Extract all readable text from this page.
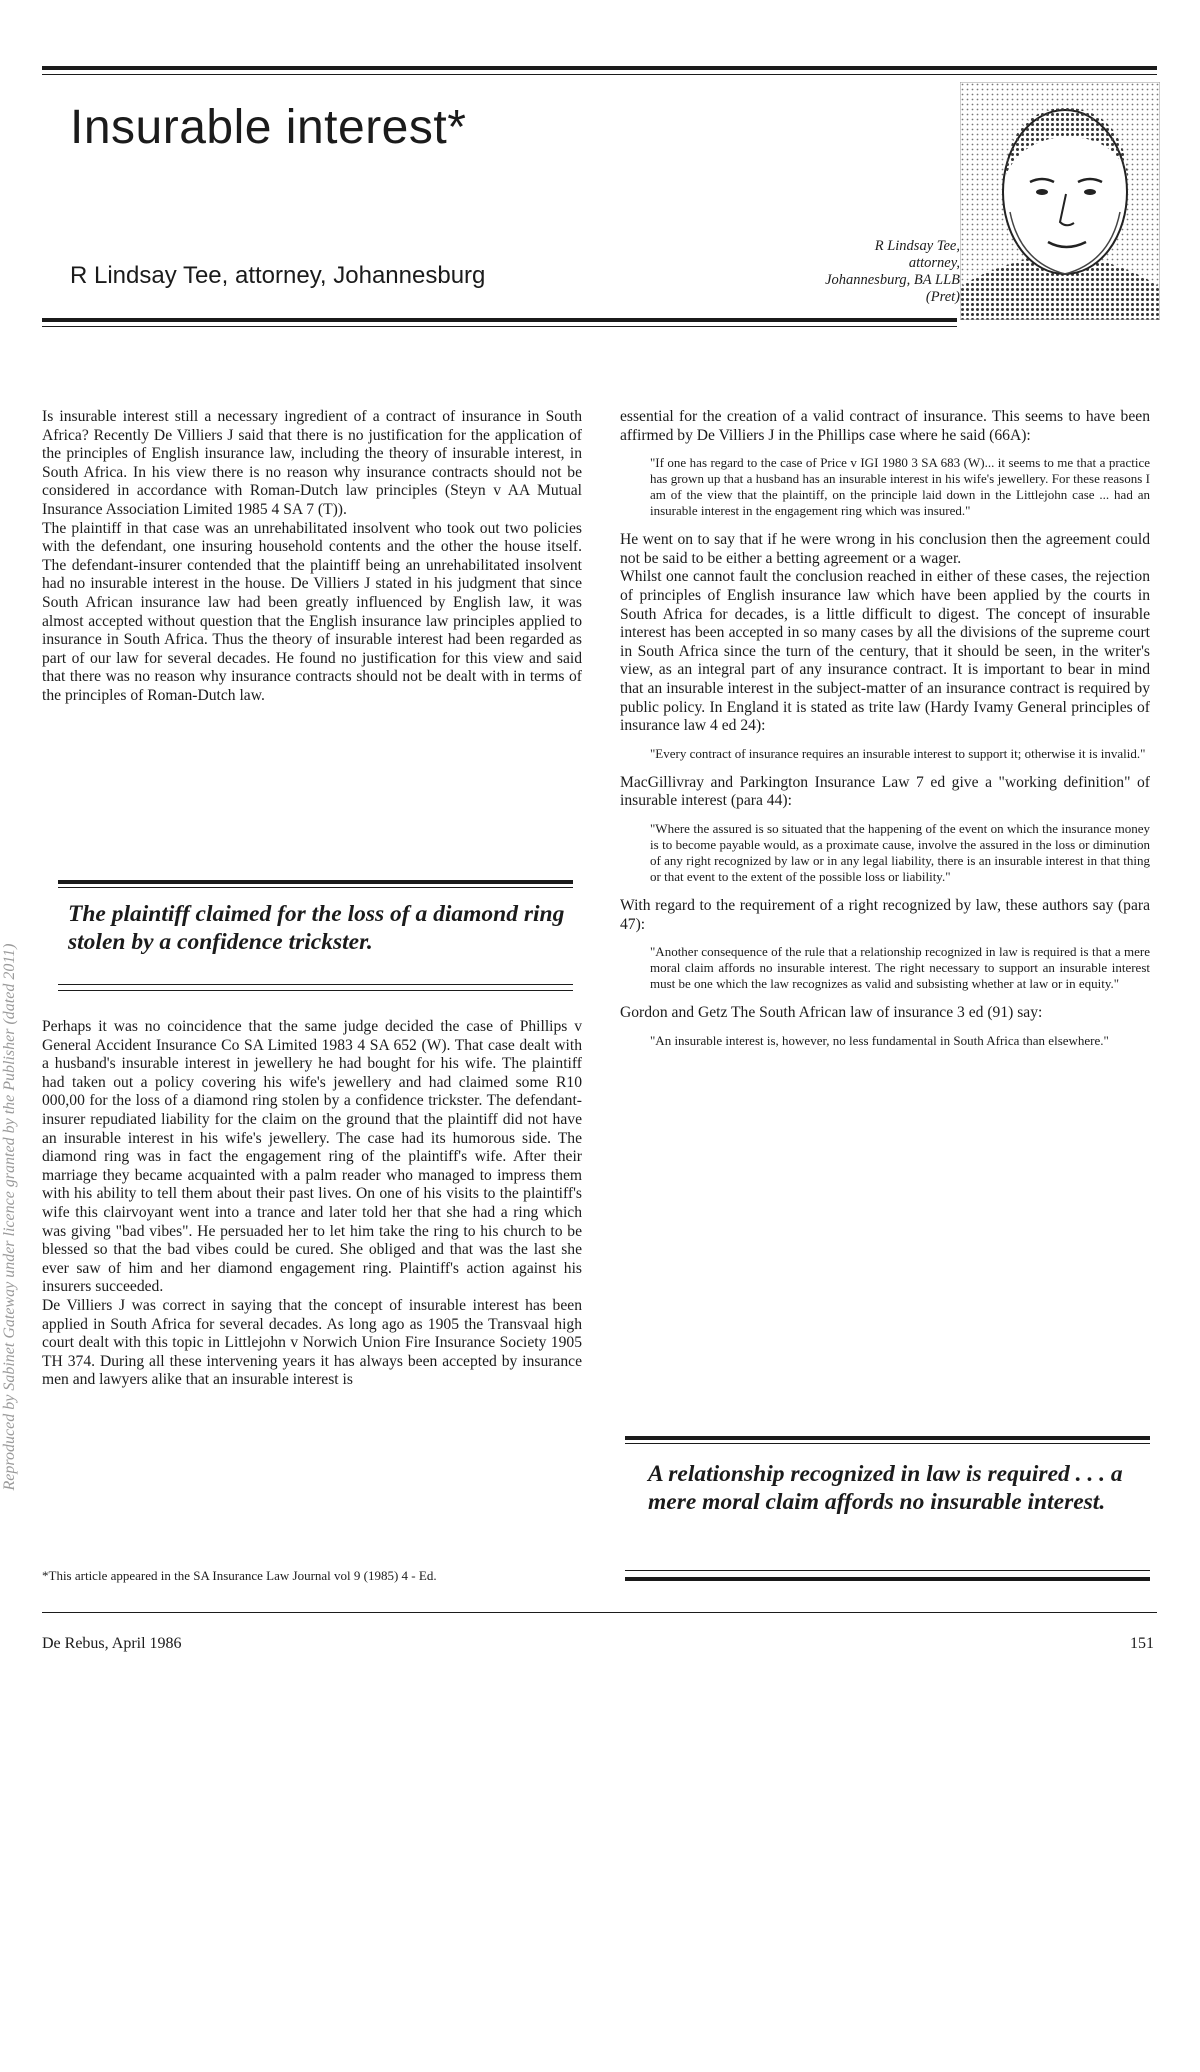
Insurable interest*
R Lindsay Tee, attorney, Johannesburg
R Lindsay Tee,
attorney,
Johannesburg, BA LLB
(Pret)

Is insurable interest still a necessary ingredient of a contract of insurance in South Africa? Recently De Villiers J said that there is no justification for the application of the principles of English insurance law, including the theory of insurable interest, in South Africa. In his view there is no reason why insurance contracts should not be considered in accordance with Roman-Dutch law principles (Steyn v AA Mutual Insurance Association Limited 1985 4 SA 7 (T)).

The plaintiff in that case was an unrehabilitated insolvent who took out two policies with the defendant, one insuring household contents and the other the house itself. The defendant-insurer contended that the plaintiff being an unrehabilitated insolvent had no insurable interest in the house. De Villiers J stated in his judgment that since South African insurance law had been greatly influenced by English law, it was almost accepted without question that the English insurance law principles applied to insurance in South Africa. Thus the theory of insurable interest had been regarded as part of our law for several decades. He found no justification for this view and said that there was no reason why insurance contracts should not be dealt with in terms of the principles of Roman-Dutch law.

The plaintiff claimed for the loss of a diamond ring stolen by a confidence trickster.

Perhaps it was no coincidence that the same judge decided the case of Phillips v General Accident Insurance Co SA Limited 1983 4 SA 652 (W). That case dealt with a husband's insurable interest in jewellery he had bought for his wife. The plaintiff had taken out a policy covering his wife's jewellery and had claimed some R10 000,00 for the loss of a diamond ring stolen by a confidence trickster. The defendant-insurer repudiated liability for the claim on the ground that the plaintiff did not have an insurable interest in his wife's jewellery. The case had its humorous side. The diamond ring was in fact the engagement ring of the plaintiff's wife. After their marriage they became acquainted with a palm reader who managed to impress them with his ability to tell them about their past lives. On one of his visits to the plaintiff's wife this clairvoyant went into a trance and later told her that she had a ring which was giving "bad vibes". He persuaded her to let him take the ring to his church to be blessed so that the bad vibes could be cured. She obliged and that was the last she ever saw of him and her diamond engagement ring. Plaintiff's action against his insurers succeeded.

De Villiers J was correct in saying that the concept of insurable interest has been applied in South Africa for several decades. As long ago as 1905 the Transvaal high court dealt with this topic in Littlejohn v Norwich Union Fire Insurance Society 1905 TH 374. During all these intervening years it has always been accepted by insurance men and lawyers alike that an insurable interest is

*This article appeared in the SA Insurance Law Journal vol 9 (1985) 4 - Ed.

essential for the creation of a valid contract of insurance. This seems to have been affirmed by De Villiers J in the Phillips case where he said (66A):

"If one has regard to the case of Price v IGI 1980 3 SA 683 (W)... it seems to me that a practice has grown up that a husband has an insurable interest in his wife's jewellery. For these reasons I am of the view that the plaintiff, on the principle laid down in the Littlejohn case ... had an insurable interest in the engagement ring which was insured."

He went on to say that if he were wrong in his conclusion then the agreement could not be said to be either a betting agreement or a wager.

Whilst one cannot fault the conclusion reached in either of these cases, the rejection of principles of English insurance law which have been applied by the courts in South Africa for decades, is a little difficult to digest. The concept of insurable interest has been accepted in so many cases by all the divisions of the supreme court in South Africa since the turn of the century, that it should be seen, in the writer's view, as an integral part of any insurance contract. It is important to bear in mind that an insurable interest in the subject-matter of an insurance contract is required by public policy. In England it is stated as trite law (Hardy Ivamy General principles of insurance law 4 ed 24):

"Every contract of insurance requires an insurable interest to support it; otherwise it is invalid."

MacGillivray and Parkington Insurance Law 7 ed give a "working definition" of insurable interest (para 44):

"Where the assured is so situated that the happening of the event on which the insurance money is to become payable would, as a proximate cause, involve the assured in the loss or diminution of any right recognized by law or in any legal liability, there is an insurable interest in that thing or that event to the extent of the possible loss or liability."

With regard to the requirement of a right recognized by law, these authors say (para 47):

"Another consequence of the rule that a relationship recognized in law is required is that a mere moral claim affords no insurable interest. The right necessary to support an insurable interest must be one which the law recognizes as valid and subsisting whether at law or in equity."

Gordon and Getz The South African law of insurance 3 ed (91) say:

"An insurable interest is, however, no less fundamental in South Africa than elsewhere."
A relationship recognized in law is required . . . a mere moral claim affords no insurable interest.
De Rebus, April 1986	151
Reproduced by Sabinet Gateway under licence granted by the Publisher (dated 2011)
